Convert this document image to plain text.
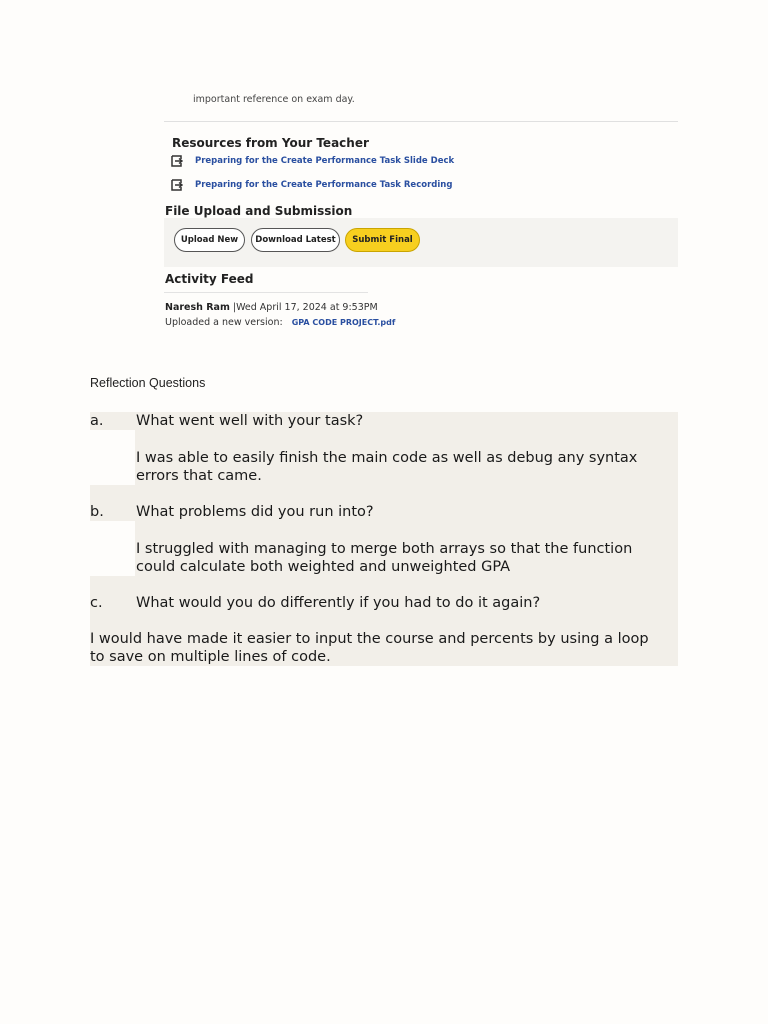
important reference on exam day.
Resources from Your Teacher
Preparing for the Create Performance Task Slide Deck
Preparing for the Create Performance Task Recording
File Upload and Submission
Upload New	Download Latest	Submit Final
Activity Feed
Naresh Ram |Wed April 17, 2024 at 9:53PM
Uploaded a new version: GPA CODE PROJECT.pdf
Reflection Questions
a. What went well with your task?
I was able to easily finish the main code as well as debug any syntax
errors that came.
b. What problems did you run into?
I struggled with managing to merge both arrays so that the function
could calculate both weighted and unweighted GPA
c. What would you do differently if you had to do it again?
I would have made it easier to input the course and percents by using a loop
to save on multiple lines of code.
